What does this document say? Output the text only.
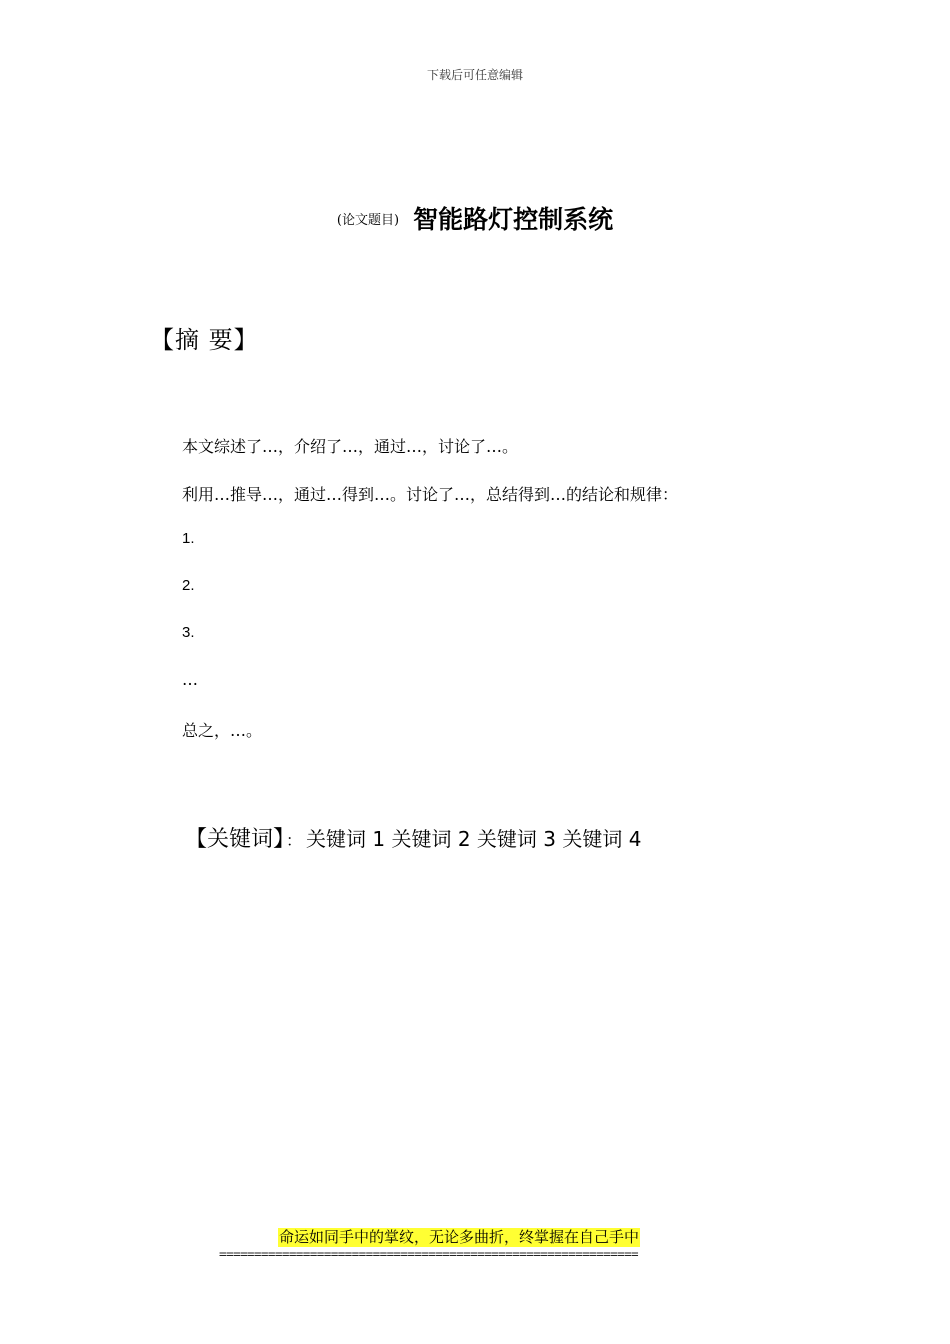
下载后可任意编辑
(论文题目) 智能路灯控制系统
【摘 要】
本文综述了…，介绍了…，通过…，讨论了…。
利用…推导…，通过…得到…。讨论了…，总结得到…的结论和规律：
1.
2.
3.
…
总之，…。
【关键词】 ： 关键词 1 关键词 2 关键词 3 关键词 4
命运如同手中的掌纹，无论多曲折，终掌握在自己手中
============================================================
